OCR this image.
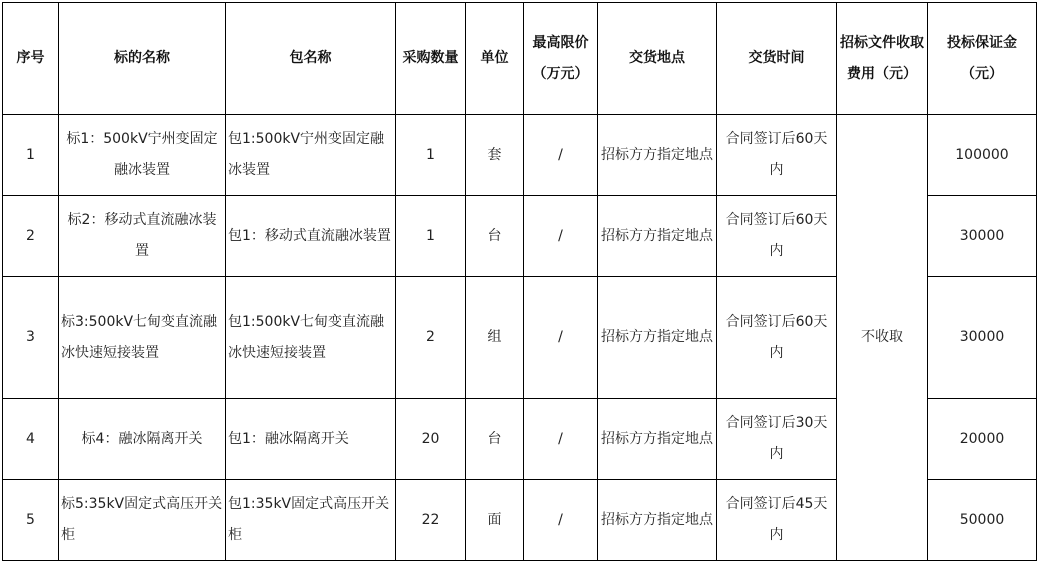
序号	标的名称	包名称	采购数量	单位	最高限价（万元）	交货地点	交货时间	招标文件收取费用（元）	投标保证金（元）
1	标1：500kV宁州变固定融冰装置	包1:500kV宁州变固定融冰装置	1	套	/	招标方方指定地点	合同签订后60天内	不收取	100000
2	标2：移动式直流融冰装置	包1：移动式直流融冰装置	1	台	/	招标方方指定地点	合同签订后60天内		30000
3	标3:500kV七甸变直流融冰快速短接装置	包1:500kV七甸变直流融冰快速短接装置	2	组	/	招标方方指定地点	合同签订后60天内		30000
4	标4：融冰隔离开关	包1：融冰隔离开关	20	台	/	招标方方指定地点	合同签订后30天内		20000
5	标5:35kV固定式高压开关柜	包1:35kV固定式高压开关柜	22	面	/	招标方方指定地点	合同签订后45天内		50000
